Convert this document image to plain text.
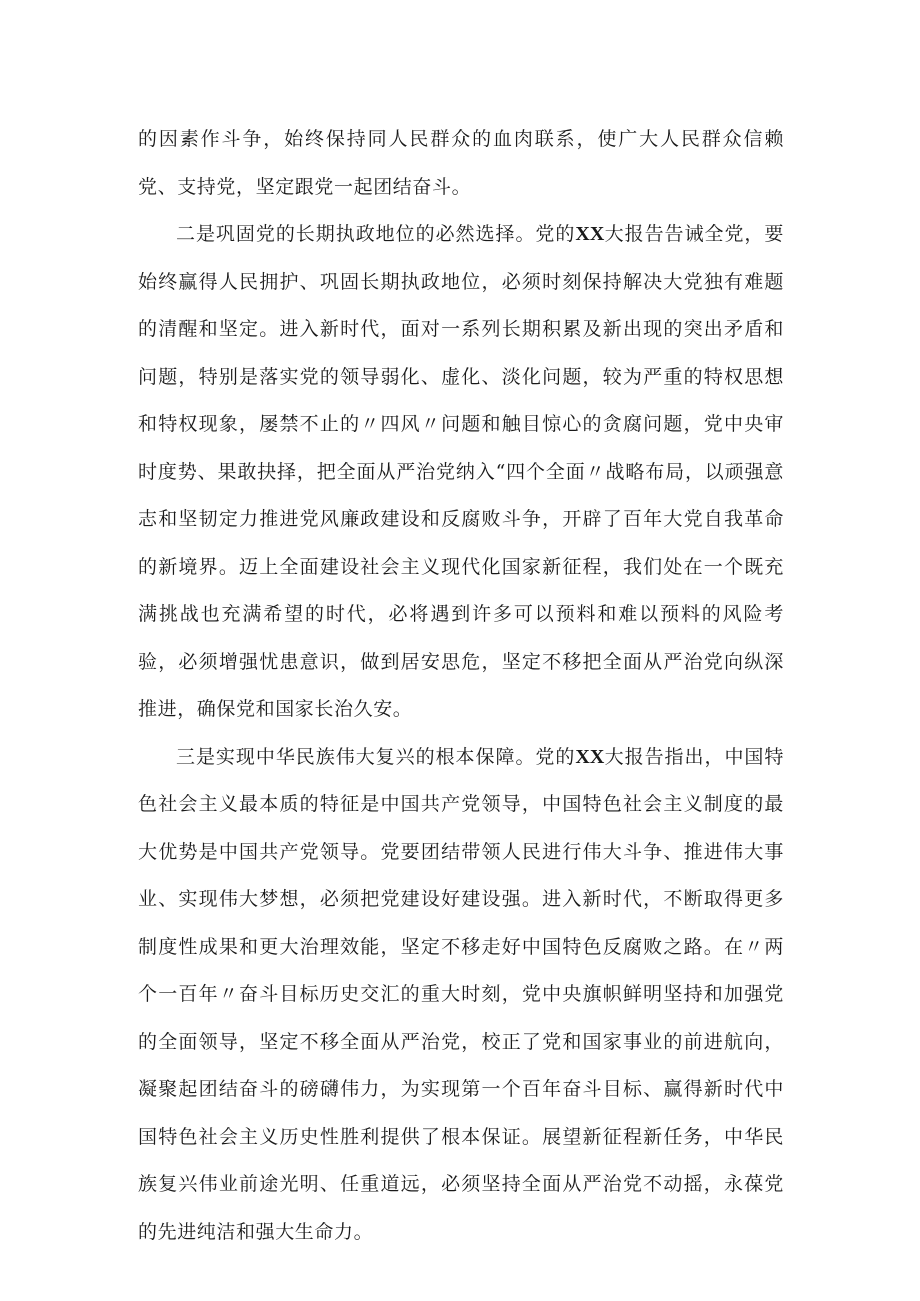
的因素作斗争，始终保持同人民群众的血肉联系，使广大人民群众信赖党、支持党，坚定跟党一起团结奋斗。

二是巩固党的长期执政地位的必然选择。党的XX大报告告诫全党，要始终赢得人民拥护、巩固长期执政地位，必须时刻保持解决大党独有难题的清醒和坚定。进入新时代，面对一系列长期积累及新出现的突出矛盾和问题，特别是落实党的领导弱化、虚化、淡化问题，较为严重的特权思想和特权现象，屡禁不止的〃四风〃问题和触目惊心的贪腐问题，党中央审时度势、果敢抉择，把全面从严治党纳入“四个全面〃战略布局，以顽强意志和坚韧定力推进党风廉政建设和反腐败斗争，开辟了百年大党自我革命的新境界。迈上全面建设社会主义现代化国家新征程，我们处在一个既充满挑战也充满希望的时代，必将遇到许多可以预料和难以预料的风险考验，必须增强忧患意识，做到居安思危，坚定不移把全面从严治党向纵深推进，确保党和国家长治久安。

三是实现中华民族伟大复兴的根本保障。党的XX大报告指出，中国特色社会主义最本质的特征是中国共产党领导，中国特色社会主义制度的最大优势是中国共产党领导。党要团结带领人民进行伟大斗争、推进伟大事业、实现伟大梦想，必须把党建设好建设强。进入新时代，不断取得更多制度性成果和更大治理效能，坚定不移走好中国特色反腐败之路。在〃两个一百年〃奋斗目标历史交汇的重大时刻，党中央旗帜鲜明坚持和加强党的全面领导，坚定不移全面从严治党，校正了党和国家事业的前进航向，凝聚起团结奋斗的磅礴伟力，为实现第一个百年奋斗目标、赢得新时代中国特色社会主义历史性胜利提供了根本保证。展望新征程新任务，中华民族复兴伟业前途光明、任重道远，必须坚持全面从严治党不动摇，永葆党的先进纯洁和强大生命力。
